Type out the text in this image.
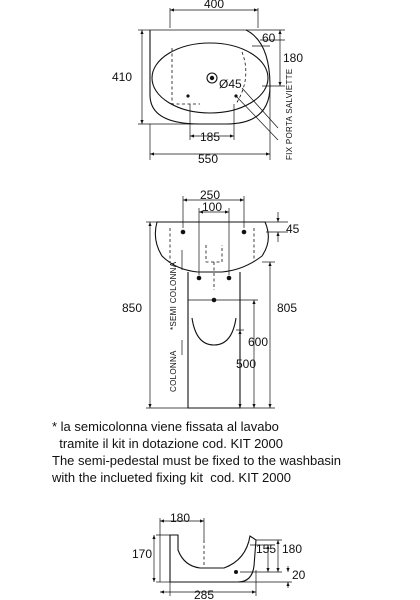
400
60
180
410	Ø45
185
550	FIX PORTA SALVIETTE
250
100
45
850	*SEMI COLONNA
COLONNA
805
600
500
180
170	155 180
20
285
* la semicolonna viene fissata al lavabo
tramite il kit in dotazione cod. KIT 2000
The semi-pedestal must be fixed to the washbasin
with the inclueted fixing kit  cod. KIT 2000
